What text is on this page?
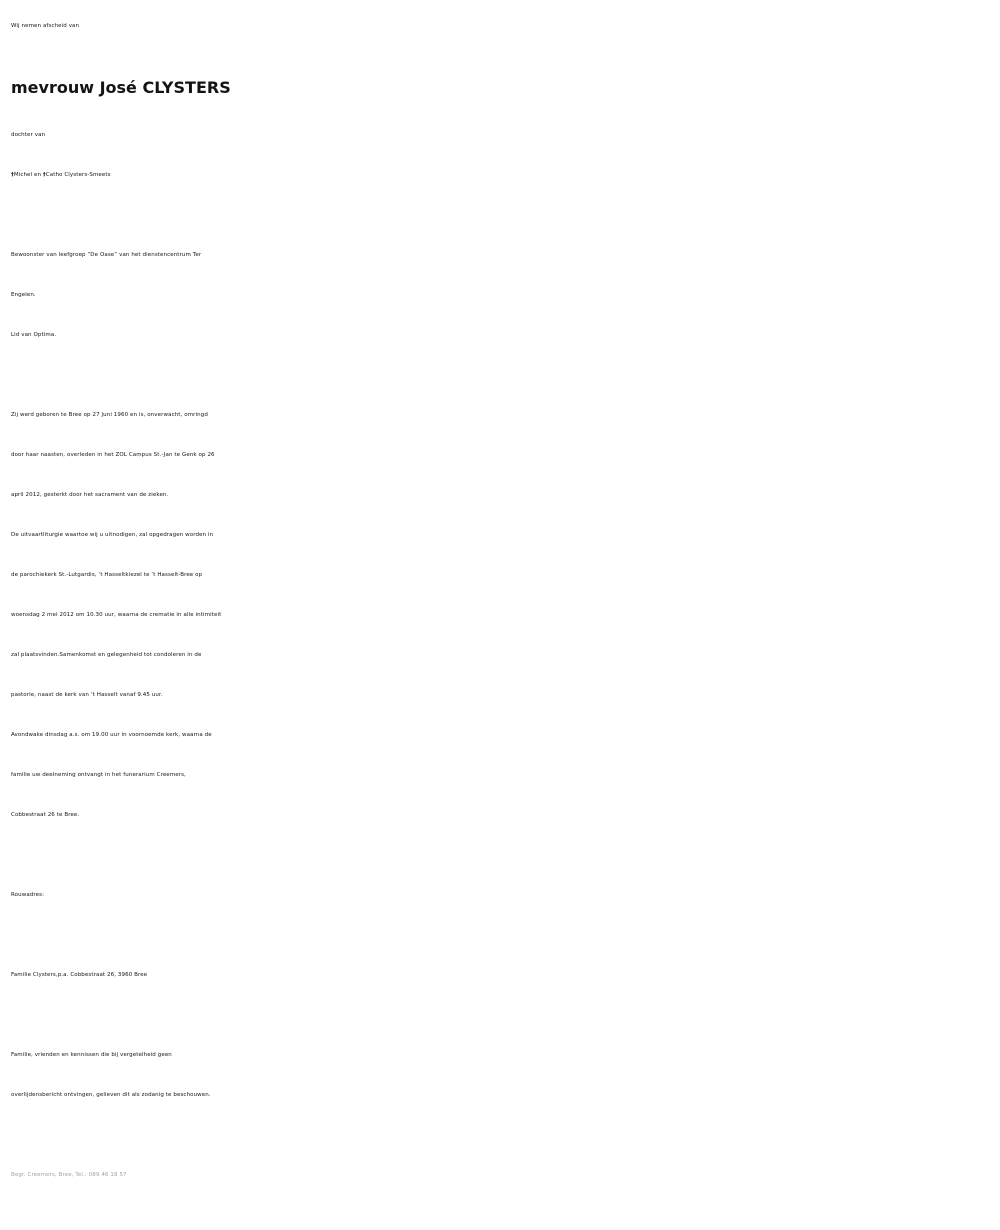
Wij nemen afscheid van
mevrouw José CLYSTERS
dochter van
†Michel en †Catho Clysters-Smeets
Bewoonster van leefgroep “De Oase” van het dienstencentrum Ter
Engelen.
Lid van Optima.
Zij werd geboren te Bree op 27 juni 1960 en is, onverwacht, omringd
door haar naasten, overleden in het ZOL Campus St.-Jan te Genk op 26
april 2012, gesterkt door het sacrament van de zieken.
De uitvaartliturgie waartoe wij u uitnodigen, zal opgedragen worden in
de parochiekerk St.-Lutgardis, ‘t Hasseltkiezel te ‘t Hasselt-Bree op
woensdag 2 mei 2012 om 10.30 uur, waarna de crematie in alle intimiteit
zal plaatsvinden.Samenkomst en gelegenheid tot condoleren in de
pastorie, naast de kerk van ‘t Hasselt vanaf 9.45 uur.
Avondwake dinsdag a.s. om 19.00 uur in voornoemde kerk, waarna de
familie uw deelneming ontvangt in het funerarium Creemers,
Cobbestraat 26 te Bree.
Rouwadres:
Familie Clysters,p.a. Cobbestraat 26, 3960 Bree
Familie, vrienden en kennissen die bij vergetelheid geen
overlijdensbericht ontvingen, gelieven dit als zodanig te beschouwen.
Begr. Creemers, Bree, Tel.: 089 46 18 57
